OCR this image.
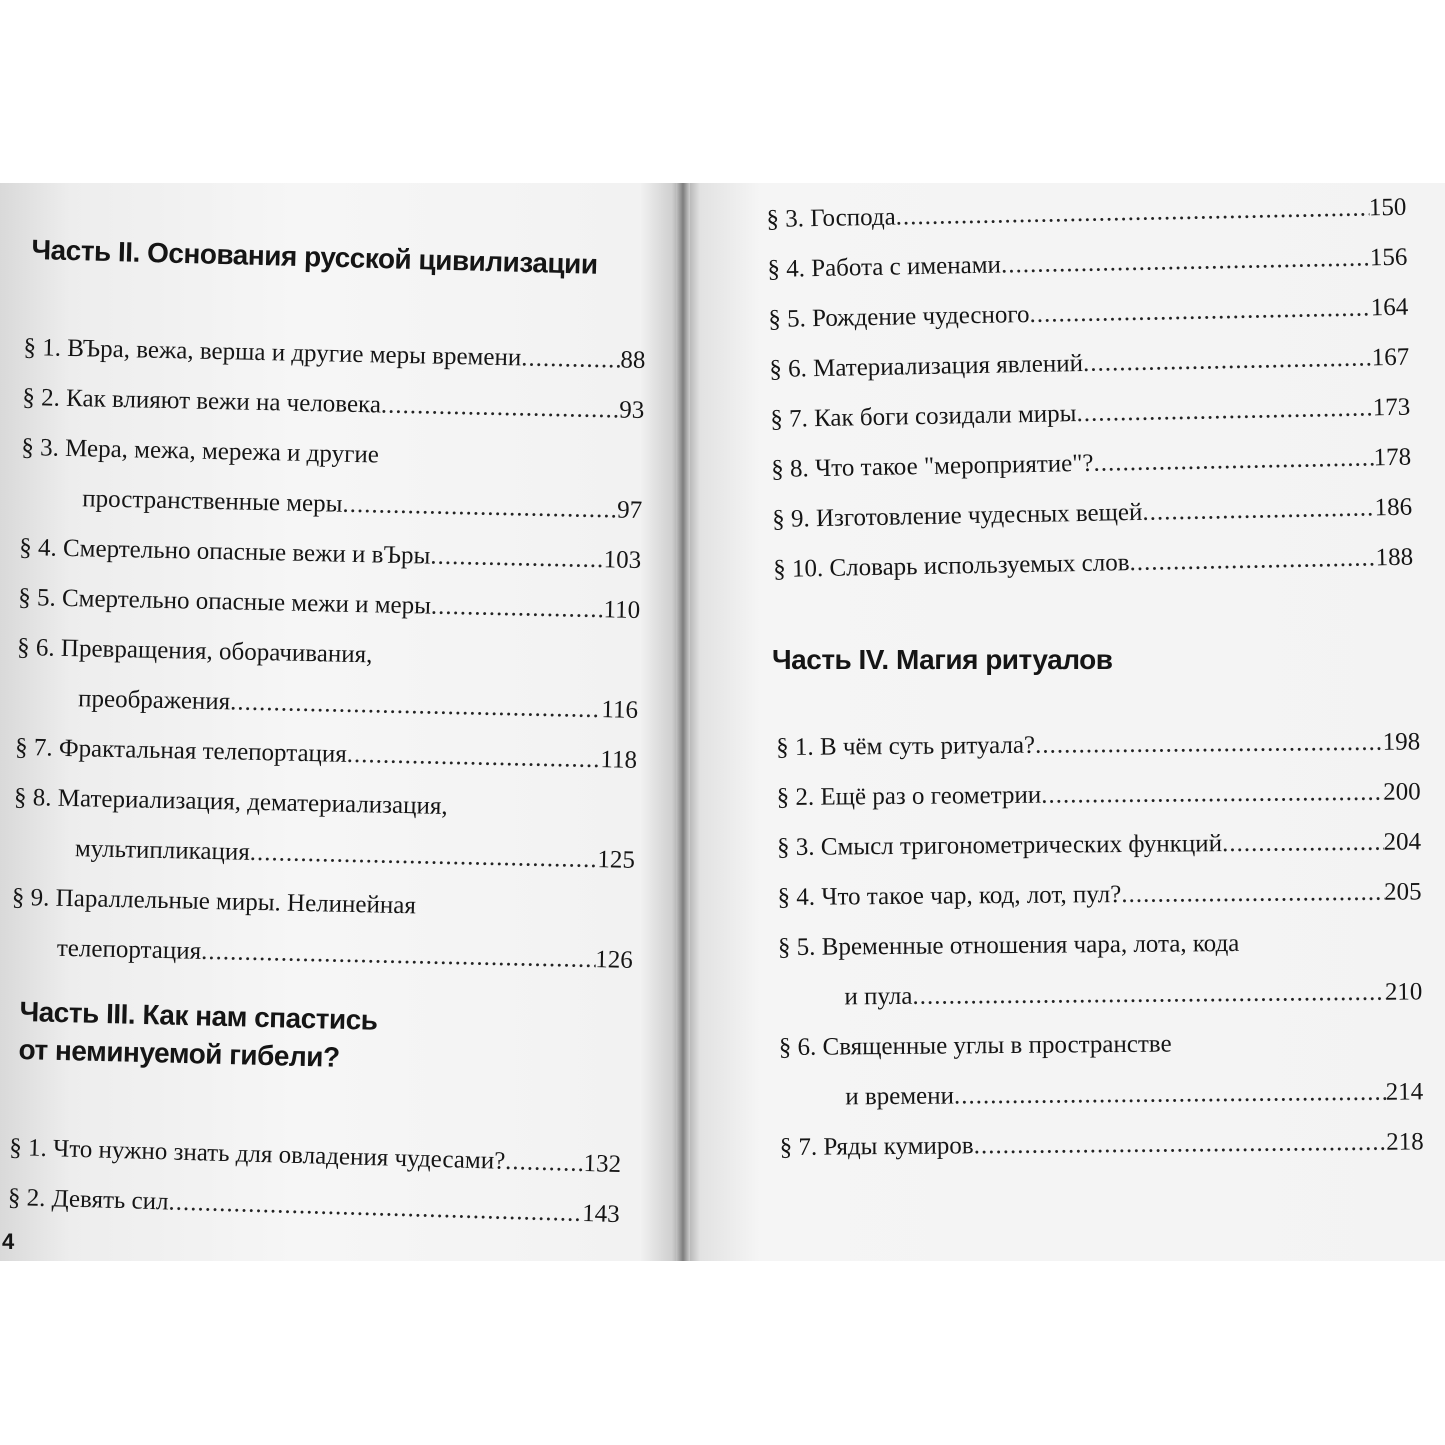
Часть II. Основания русской цивилизации
§ 1. ВЪра, вежа, верша и другие меры времени .....	88
§ 2. Как влияют вежи на человека .....	93
§ 3. Мера, межа, мережа и другие
пространственные меры .....	97
§ 4. Смертельно опасные вежи и вЪры .....	103
§ 5. Смертельно опасные межи и меры .....	110
§ 6. Превращения, оборачивания,
преображения .....	116
§ 7. Фрактальная телепортация .....	118
§ 8. Материализация, дематериализация,
мультипликация .....	125
§ 9. Параллельные миры. Нелинейная
телепортация .....	126
Часть III. Как нам спастись
от неминуемой гибели?
§ 1. Что нужно знать для овладения чудесами? .....	132
§ 2. Девять сил .....	143
4
§ 3. Господа .....	150
§ 4. Работа с именами .....	156
§ 5. Рождение чудесного .....	164
§ 6. Материализация явлений .....	167
§ 7. Как боги созидали миры .....	173
§ 8. Что такое "мероприятие"? .....	178
§ 9. Изготовление чудесных вещей .....	186
§ 10. Словарь используемых слов .....	188
Часть IV. Магия ритуалов
§ 1. В чём суть ритуала? .....	198
§ 2. Ещё раз о геометрии .....	200
§ 3. Смысл тригонометрических функций .....	204
§ 4. Что такое чар, код, лот, пул? .....	205
§ 5. Временные отношения чара, лота, кода
и пула .....	210
§ 6. Священные углы в пространстве
и времени .....	214
§ 7. Ряды кумиров .....	218
